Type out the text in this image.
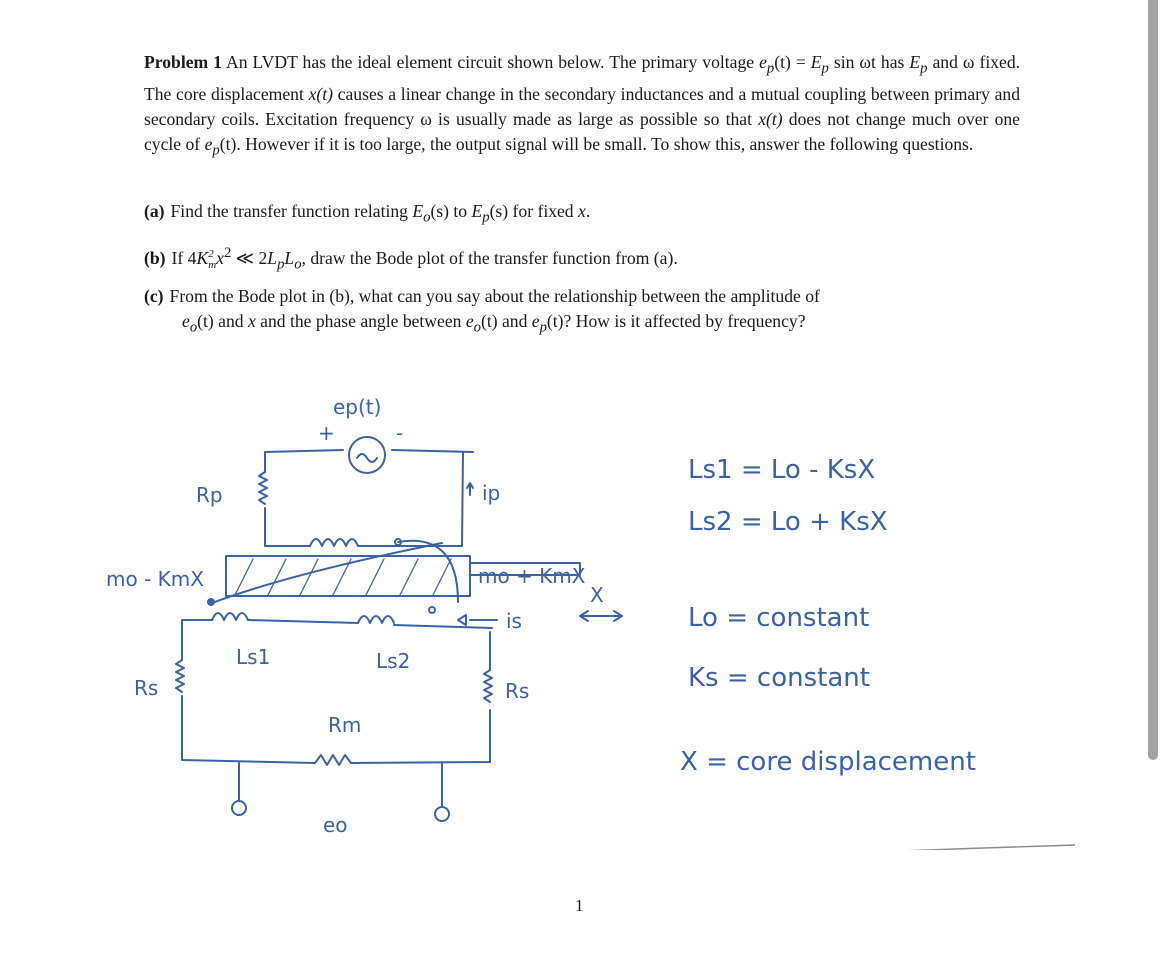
Problem 1 An LVDT has the ideal element circuit shown below. The primary voltage $e_p(t) = E_p$ sin ωt has $E_p$ and ω fixed. The core displacement x(t) causes a linear change in the secondary inductances and a mutual coupling between primary and secondary coils. Excitation frequency ω is usually made as large as possible so that x(t) does not change much over one cycle of $e_p(t)$. However if it is too large, the output signal will be small. To show this, answer the following questions.
(a) Find the transfer function relating $E_o(s)$ to $E_p(s)$ for fixed x.
(b) If 4K 2
m $x^2$ ≪ $2L_pL_o$, draw the Bode plot of the transfer function from (a).
(c) From the Bode plot in (b), what can you say about the relationship between the amplitude of
$e_o(t)$ and x and the phase angle between $e_o(t)$ and $e_p(t)$? How is it affected by frequency?
ep(t)
+	-
Rp	ip
mo - KmX	mo + KmX
X
is
Ls1	Ls2
Rs	Rs
Rm
eo
Ls1 = Lo - KsX
Ls2 = Lo + KsX
Lo = constant
Ks = constant
X = core displacement
1
